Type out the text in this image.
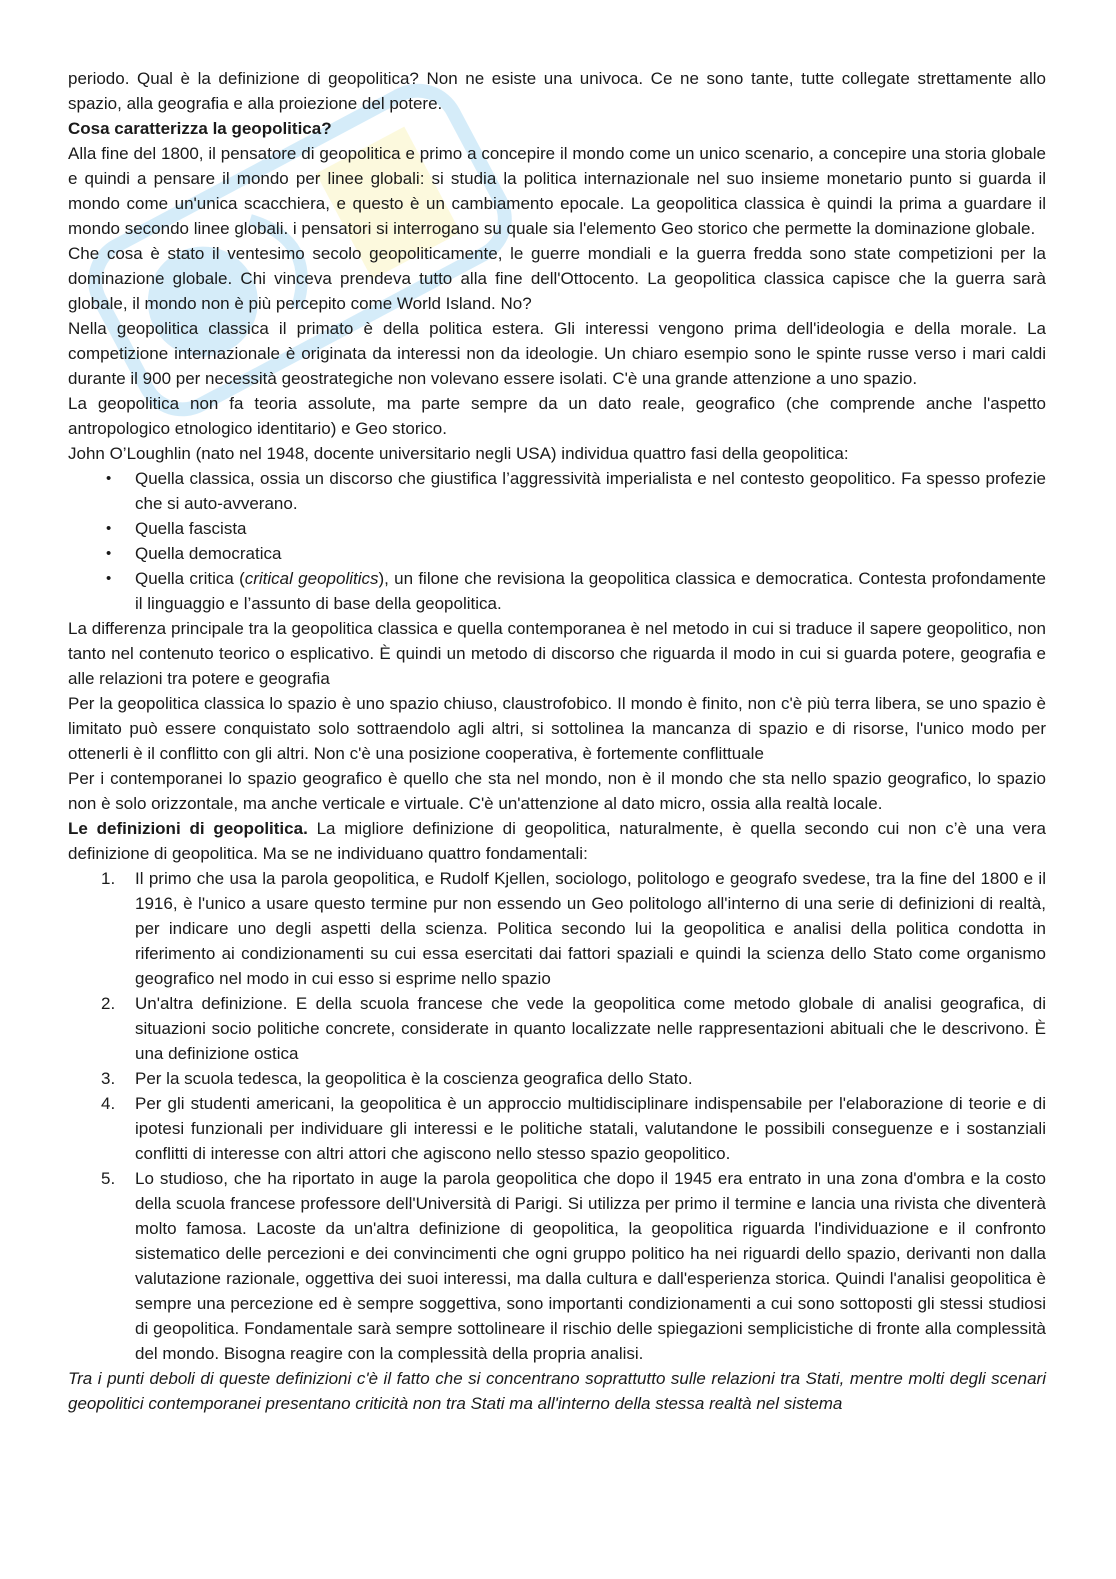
periodo. Qual è la definizione di geopolitica? Non ne esiste una univoca. Ce ne sono tante, tutte collegate strettamente allo spazio, alla geografia e alla proiezione del potere.

Cosa caratterizza la geopolitica?

Alla fine del 1800, il pensatore di geopolitica e primo a concepire il mondo come un unico scenario, a concepire una storia globale e quindi a pensare il mondo per linee globali: si studia la politica internazionale nel suo insieme monetario punto si guarda il mondo come un'unica scacchiera, e questo è un cambiamento epocale. La geopolitica classica è quindi la prima a guardare il mondo secondo linee globali. i pensatori si interrogano su quale sia l'elemento Geo storico che permette la dominazione globale.

Che cosa è stato il ventesimo secolo geopoliticamente, le guerre mondiali e la guerra fredda sono state competizioni per la dominazione globale. Chi vinceva prendeva tutto alla fine dell'Ottocento. La geopolitica classica capisce che la guerra sarà globale, il mondo non è più percepito come World Island. No?

Nella geopolitica classica il primato è della politica estera. Gli interessi vengono prima dell'ideologia e della morale. La competizione internazionale è originata da interessi non da ideologie. Un chiaro esempio sono le spinte russe verso i mari caldi durante il 900 per necessità geostrategiche non volevano essere isolati. C'è una grande attenzione a uno spazio.

La geopolitica non fa teoria assolute, ma parte sempre da un dato reale, geografico (che comprende anche l'aspetto antropologico etnologico identitario) e Geo storico.

John O’Loughlin (nato nel 1948, docente universitario negli USA) individua quattro fasi della geopolitica:

• Quella classica, ossia un discorso che giustifica l’aggressività imperialista e nel contesto geopolitico. Fa spesso profezie che si auto-avverano.
• Quella fascista
• Quella democratica
• Quella critica (critical geopolitics), un filone che revisiona la geopolitica classica e democratica. Contesta profondamente il linguaggio e l’assunto di base della geopolitica.

La differenza principale tra la geopolitica classica e quella contemporanea è nel metodo in cui si traduce il sapere geopolitico, non tanto nel contenuto teorico o esplicativo. È quindi un metodo di discorso che riguarda il modo in cui si guarda potere, geografia e alle relazioni tra potere e geografia

Per la geopolitica classica lo spazio è uno spazio chiuso, claustrofobico. Il mondo è finito, non c'è più terra libera, se uno spazio è limitato può essere conquistato solo sottraendolo agli altri, si sottolinea la mancanza di spazio e di risorse, l'unico modo per ottenerli è il conflitto con gli altri. Non c'è una posizione cooperativa, è fortemente conflittuale

Per i contemporanei lo spazio geografico è quello che sta nel mondo, non è il mondo che sta nello spazio geografico, lo spazio non è solo orizzontale, ma anche verticale e virtuale. C'è un'attenzione al dato micro, ossia alla realtà locale.

Le definizioni di geopolitica. La migliore definizione di geopolitica, naturalmente, è quella secondo cui non c’è una vera definizione di geopolitica. Ma se ne individuano quattro fondamentali:

1. Il primo che usa la parola geopolitica, e Rudolf Kjellen, sociologo, politologo e geografo svedese, tra la fine del 1800 e il 1916, è l'unico a usare questo termine pur non essendo un Geo politologo all'interno di una serie di definizioni di realtà, per indicare uno degli aspetti della scienza. Politica secondo lui la geopolitica e analisi della politica condotta in riferimento ai condizionamenti su cui essa esercitati dai fattori spaziali e quindi la scienza dello Stato come organismo geografico nel modo in cui esso si esprime nello spazio
2. Un'altra definizione. E della scuola francese che vede la geopolitica come metodo globale di analisi geografica, di situazioni socio politiche concrete, considerate in quanto localizzate nelle rappresentazioni abituali che le descrivono. È una definizione ostica
3. Per la scuola tedesca, la geopolitica è la coscienza geografica dello Stato.
4. Per gli studenti americani, la geopolitica è un approccio multidisciplinare indispensabile per l'elaborazione di teorie e di ipotesi funzionali per individuare gli interessi e le politiche statali, valutandone le possibili conseguenze e i sostanziali conflitti di interesse con altri attori che agiscono nello stesso spazio geopolitico.
5. Lo studioso, che ha riportato in auge la parola geopolitica che dopo il 1945 era entrato in una zona d'ombra e la costo della scuola francese professore dell'Università di Parigi. Si utilizza per primo il termine e lancia una rivista che diventerà molto famosa. Lacoste da un'altra definizione di geopolitica, la geopolitica riguarda l'individuazione e il confronto sistematico delle percezioni e dei convincimenti che ogni gruppo politico ha nei riguardi dello spazio, derivanti non dalla valutazione razionale, oggettiva dei suoi interessi, ma dalla cultura e dall'esperienza storica. Quindi l'analisi geopolitica è sempre una percezione ed è sempre soggettiva, sono importanti condizionamenti a cui sono sottoposti gli stessi studiosi di geopolitica. Fondamentale sarà sempre sottolineare il rischio delle spiegazioni semplicistiche di fronte alla complessità del mondo. Bisogna reagire con la complessità della propria analisi.

Tra i punti deboli di queste definizioni c'è il fatto che si concentrano soprattutto sulle relazioni tra Stati, mentre molti degli scenari geopolitici contemporanei presentano criticità non tra Stati ma all'interno della stessa realtà nel sistema
